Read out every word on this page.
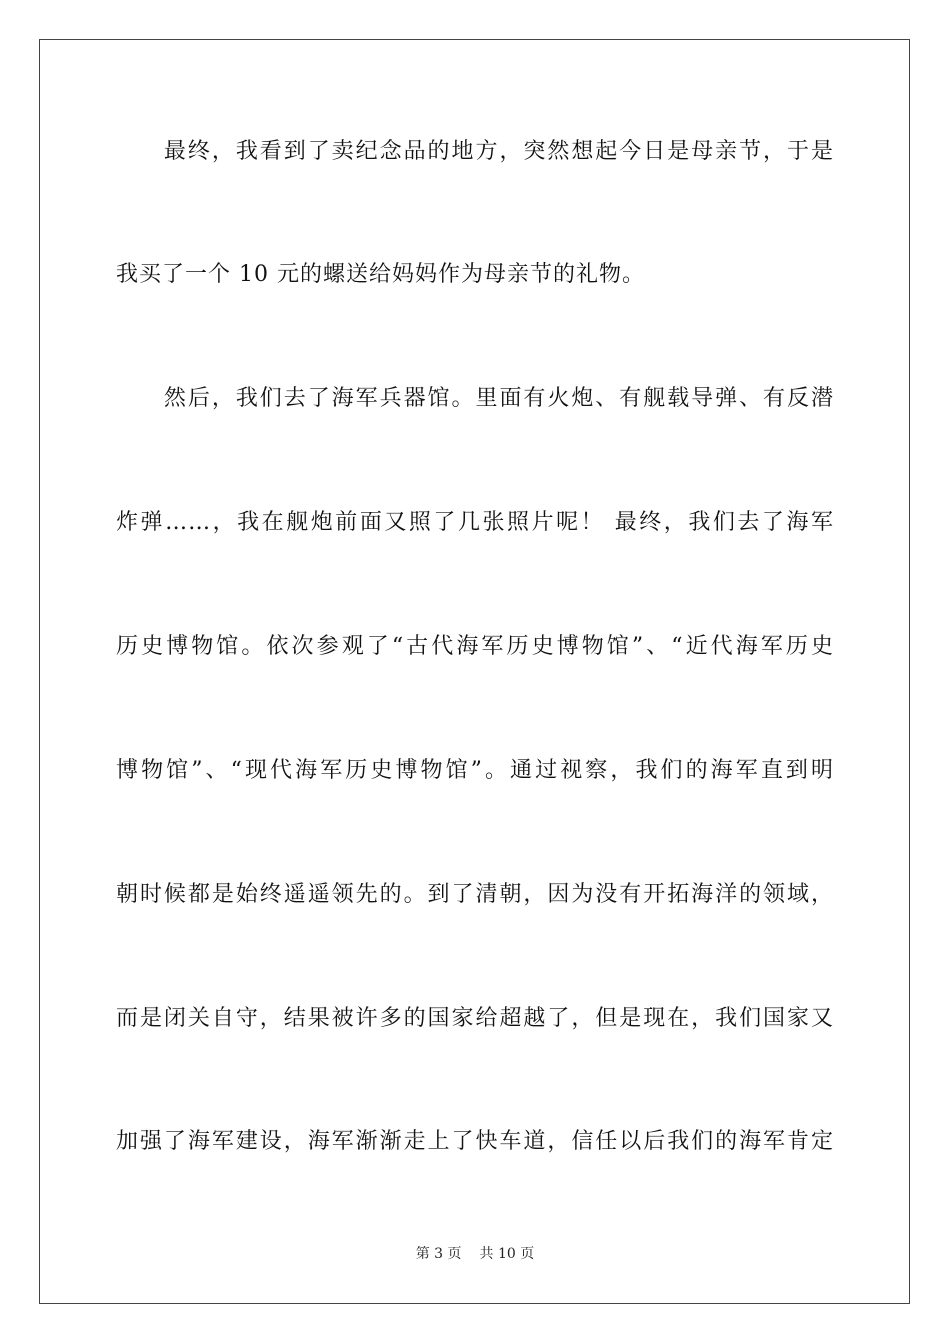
　　最终，我看到了卖纪念品的地方，突然想起今日是母亲节，于是
我买了一个 10 元的螺送给妈妈作为母亲节的礼物。
　　然后，我们去了海军兵器馆。里面有火炮、有舰载导弹、有反潜
炸弹……，我在舰炮前面又照了几张照片呢！ 最终，我们去了海军
历史博物馆。依次参观了“古代海军历史博物馆”、“近代海军历史
博物馆”、“现代海军历史博物馆”。通过视察，我们的海军直到明
朝时候都是始终遥遥领先的。到了清朝，因为没有开拓海洋的领域，
而是闭关自守，结果被许多的国家给超越了，但是现在，我们国家又
加强了海军建设，海军渐渐走上了快车道，信任以后我们的海军肯定
第 3 页 共 10 页
